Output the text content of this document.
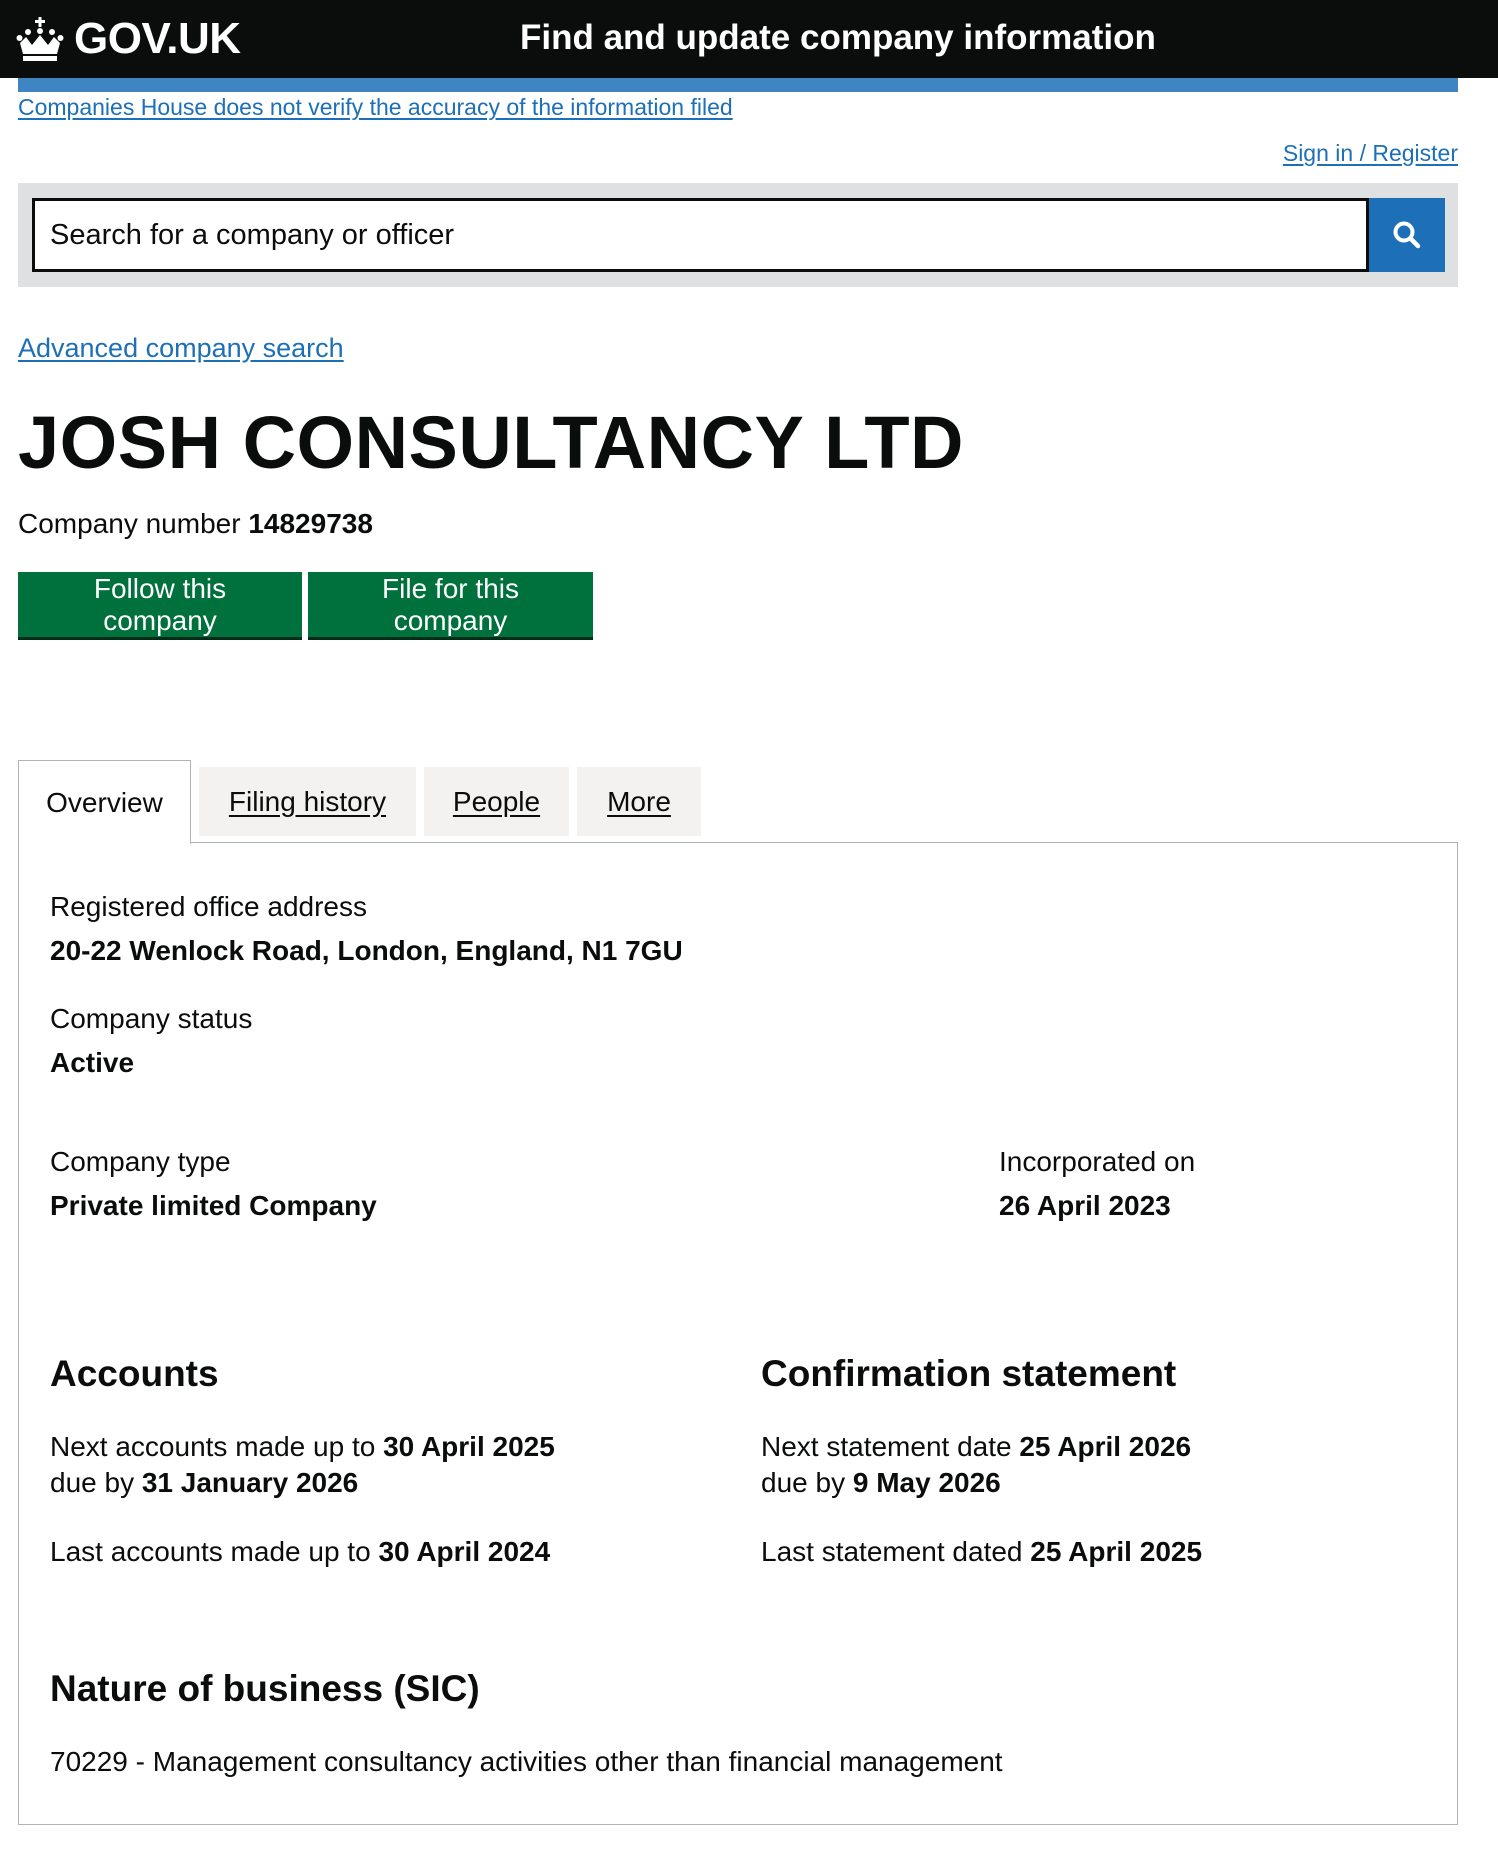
GOV.UK	Find and update company information
Companies House does not verify the accuracy of the information filed
Sign in / Register
Search for a company or officer
Advanced company search
JOSH CONSULTANCY LTD

Company number 14829738

Follow this company
File for this company
Overview Filing history People More
Registered office address
20-22 Wenlock Road, London, England, N1 7GU
Company status
Active
Company type
Private limited Company
Incorporated on
26 April 2023
Accounts
Next accounts made up to 30 April 2025
due by 31 January 2026
Last accounts made up to 30 April 2024
Confirmation statement
Next statement date 25 April 2026
due by 9 May 2026
Last statement dated 25 April 2025
Nature of business (SIC)
70229 - Management consultancy activities other than financial management
